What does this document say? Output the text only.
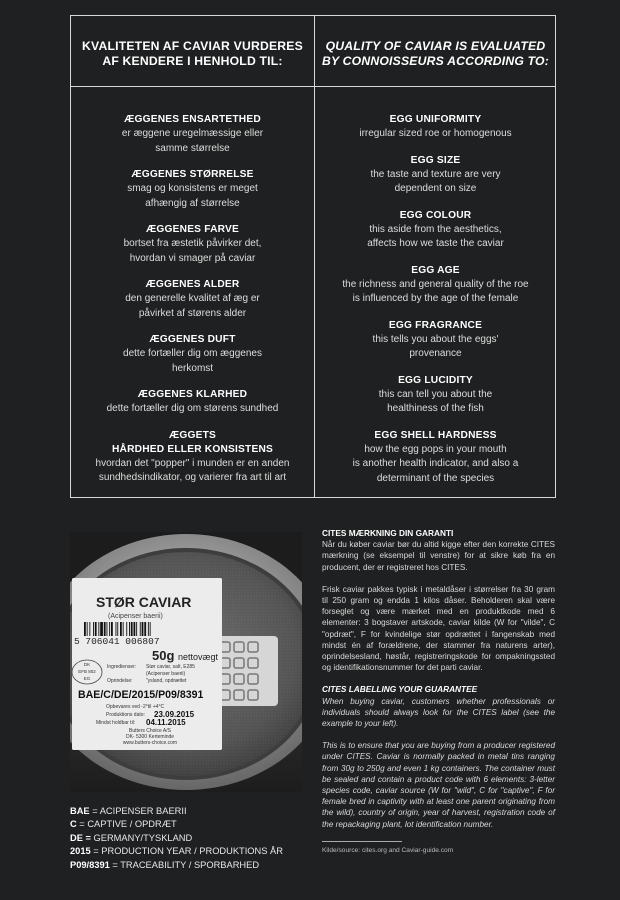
KVALITETEN AF CAVIAR VURDERES
AF KENDERE I HENHOLD TIL:
QUALITY OF CAVIAR IS EVALUATED
BY CONNOISSEURS ACCORDING TO:
ÆGGENES ENSARTETHED
er æggene uregelmæssige eller
samme størrelse
ÆGGENES STØRRELSE
smag og konsistens er meget
afhængig af størrelse
ÆGGENES FARVE
bortset fra æstetik påvirker det,
hvordan vi smager på caviar
ÆGGENES ALDER
den generelle kvalitet af æg er
påvirket af størens alder
ÆGGENES DUFT
dette fortæller dig om æggenes
herkomst
ÆGGENES KLARHED
dette fortæller dig om størens sundhed
ÆGGETS
HÅRDHED ELLER KONSISTENS
hvordan det "popper" i munden er en anden
sundhedsindikator, og varierer fra art til art
EGG UNIFORMITY
irregular sized roe or homogenous
EGG SIZE
the taste and texture are very
dependent on size
EGG COLOUR
this aside from the aesthetics,
affects how we taste the caviar
EGG AGE
the richness and general quality of the roe
is influenced by the age of the female
EGG FRAGRANCE
this tells you about the eggs'
provenance
EGG LUCIDITY
this can tell you about the
healthiness of the fish
EGG SHELL HARDNESS
how the egg pops in your mouth
is another health indicator, and also a
determinant of the species
STØR CAVIAR
(Acipenser baerii)
5 706041 006807
50g nettovægt
DK
EFB 802
EG
Ingredienser: Stør caviar, salt, E285
(Acipenser baerii)
Oprindelse:	"ysland, opdrættet
BAE/C/DE/2015/P09/8391
Opbevares ved -2°til +4°C
Produktions dato: 23.09.2015
Mindst holdbar til: 04.11.2015
Butters Choice A/S
DK- 5300 Kerteminde
www.butters-choice.com
BAE = ACIPENSER BAERII
C = CAPTIVE / OPDRÆT
DE = GERMANY/TYSKLAND
2015 = PRODUCTION YEAR / PRODUKTIONS ÅR
P09/8391 = TRACEABILITY / SPORBARHED
CITES MÆRKNING DIN GARANTI

Når du køber caviar bør du altid kigge efter den korrekte CITES mærkning (se eksempel til venstre) for at sikre køb fra en producent, der er registreret hos CITES.

Frisk caviar pakkes typisk i metaldåser i størrelser fra 30 gram til 250 gram og endda 1 kilos dåser. Beholderen skal være forseglet og være mærket med en produktkode med 6 elementer: 3 bogstaver artskode, caviar kilde (W for "vilde", C "opdræt", F for kvindelige stør opdrættet i fangenskab med mindst én af forældrene, der stammer fra naturens arter), oprindelsesland, høstår, registreringskode for ompakningssted og identifikationsnummer for det parti caviar.

CITES LABELLING YOUR GUARANTEE

When buying caviar, customers whether professionals or individuals should always look for the CITES label (see the example to your left).

This is to ensure that you are buying from a producer registered under CITES. Caviar is normally packed in metal tins ranging from 30g to 250g and even 1 kg containers. The container must be sealed and contain a product code with 6 elements: 3-letter species code, caviar source (W for "wild", C for "captive", F for female bred in captivity with at least one parent originating from the wild), country of origin, year of harvest, registration code of the repackaging plant, lot identification number.

Kilde/source: cites.org and Caviar-guide.com
